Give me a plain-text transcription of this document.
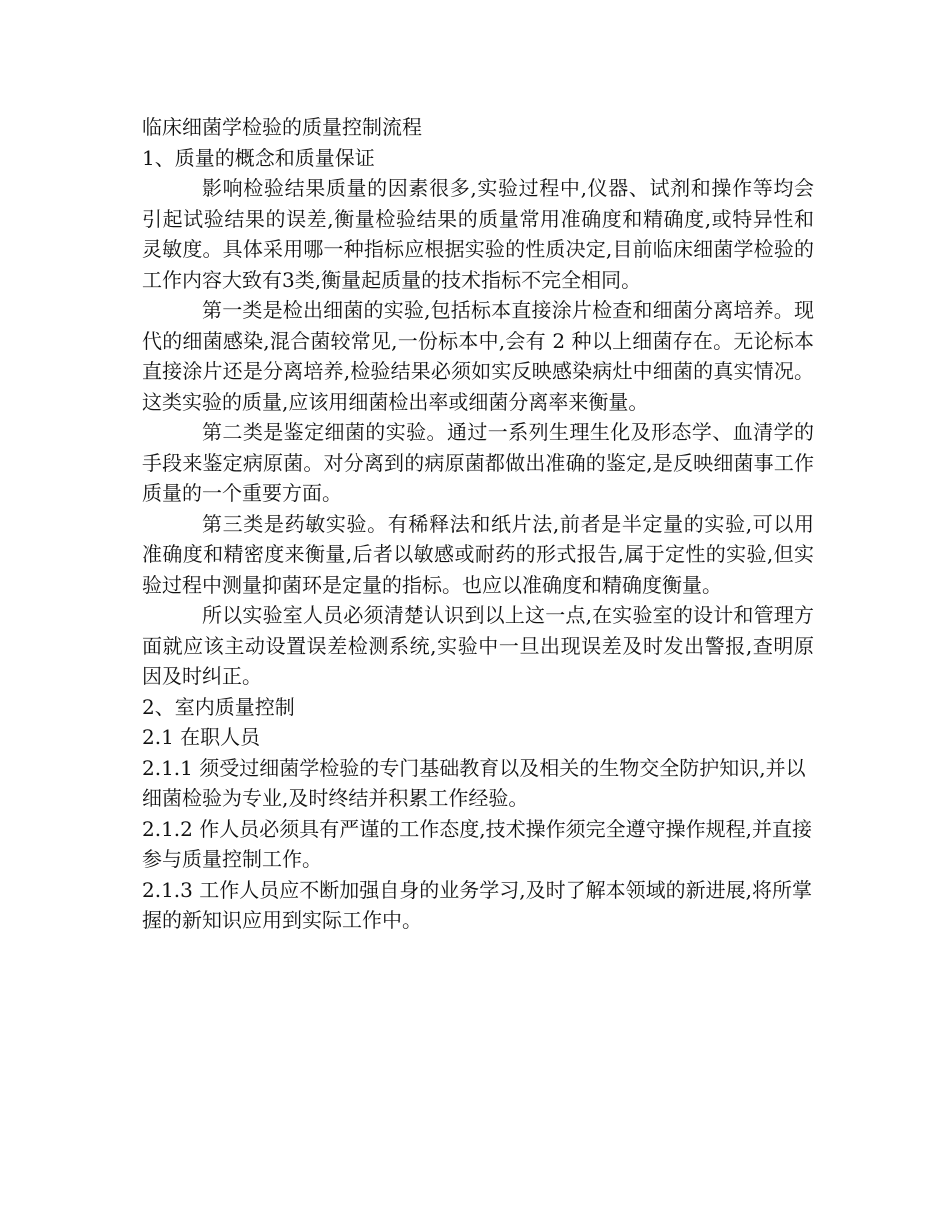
临床细菌学检验的质量控制流程

1、质量的概念和质量保证

影响检验结果质量的因素很多,实验过程中,仪器、试剂和操作等均会引起试验结果的误差,衡量检验结果的质量常用准确度和精确度,或特异性和灵敏度。具体采用哪一种指标应根据实验的性质决定,目前临床细菌学检验的工作内容大致有3类,衡量起质量的技术指标不完全相同。

第一类是检出细菌的实验,包括标本直接涂片检查和细菌分离培养。现代的细菌感染,混合菌较常见,一份标本中,会有 2 种以上细菌存在。无论标本直接涂片还是分离培养,检验结果必须如实反映感染病灶中细菌的真实情况。这类实验的质量,应该用细菌检出率或细菌分离率来衡量。

第二类是鉴定细菌的实验。通过一系列生理生化及形态学、血清学的手段来鉴定病原菌。对分离到的病原菌都做出准确的鉴定,是反映细菌事工作质量的一个重要方面。

第三类是药敏实验。有稀释法和纸片法,前者是半定量的实验,可以用准确度和精密度来衡量,后者以敏感或耐药的形式报告,属于定性的实验,但实验过程中测量抑菌环是定量的指标。也应以准确度和精确度衡量。

所以实验室人员必须清楚认识到以上这一点,在实验室的设计和管理方面就应该主动设置误差检测系统,实验中一旦出现误差及时发出警报,查明原因及时纠正。

2、室内质量控制

2.1 在职人员

2.1.1 须受过细菌学检验的专门基础教育以及相关的生物交全防护知识,并以细菌检验为专业,及时终结并积累工作经验。

2.1.2 作人员必须具有严谨的工作态度,技术操作须完全遵守操作规程,并直接参与质量控制工作。

2.1.3 工作人员应不断加强自身的业务学习,及时了解本领域的新进展,将所掌握的新知识应用到实际工作中。
